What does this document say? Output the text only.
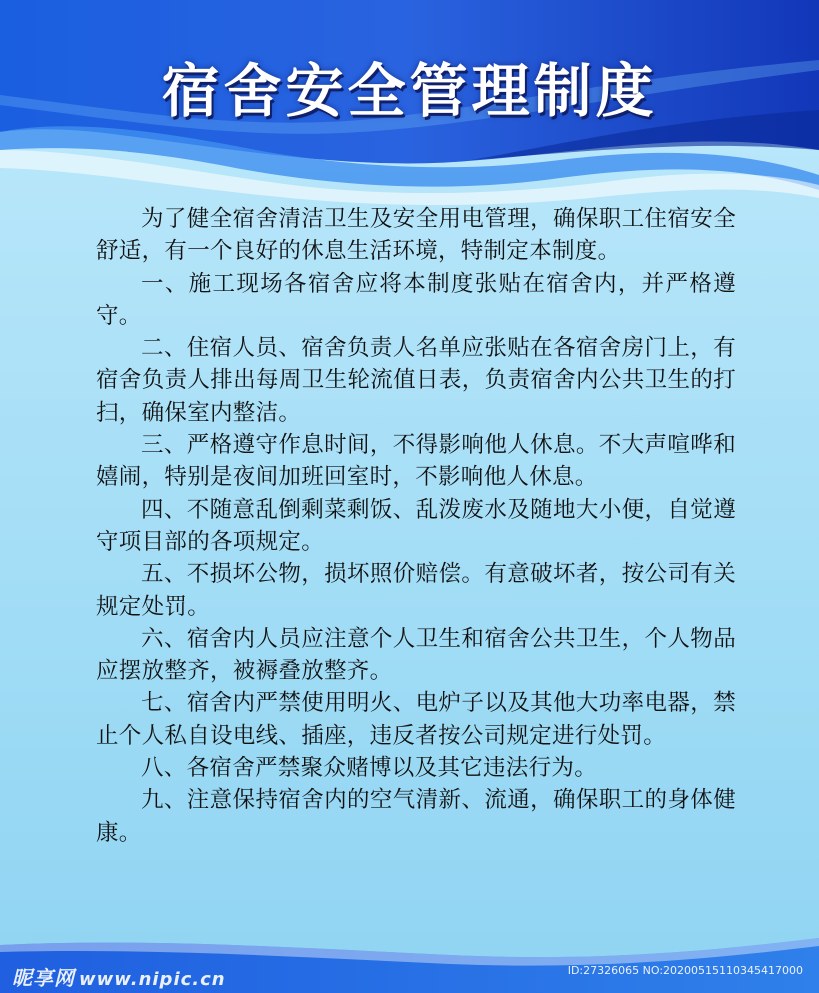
宿舍安全管理制度

为了健全宿舍清洁卫生及安全用电管理，确保职工住宿安全舒适，有一个良好的休息生活环境，特制定本制度。

一、施工现场各宿舍应将本制度张贴在宿舍内，并严格遵守。

二、住宿人员、宿舍负责人名单应张贴在各宿舍房门上，有宿舍负责人排出每周卫生轮流值日表，负责宿舍内公共卫生的打扫，确保室内整洁。

三、严格遵守作息时间，不得影响他人休息。不大声喧哗和嬉闹，特别是夜间加班回室时，不影响他人休息。

四、不随意乱倒剩菜剩饭、乱泼废水及随地大小便，自觉遵守项目部的各项规定。

五、不损坏公物，损坏照价赔偿。有意破坏者，按公司有关规定处罚。

六、宿舍内人员应注意个人卫生和宿舍公共卫生，个人物品应摆放整齐，被褥叠放整齐。

七、宿舍内严禁使用明火、电炉子以及其他大功率电器，禁止个人私自设电线、插座，违反者按公司规定进行处罚。

八、各宿舍严禁聚众赌博以及其它违法行为。

九、注意保持宿舍内的空气清新、流通，确保职工的身体健康。

昵享网 www.nipic.cn	ID:27326065 NO:20200515110345417000
